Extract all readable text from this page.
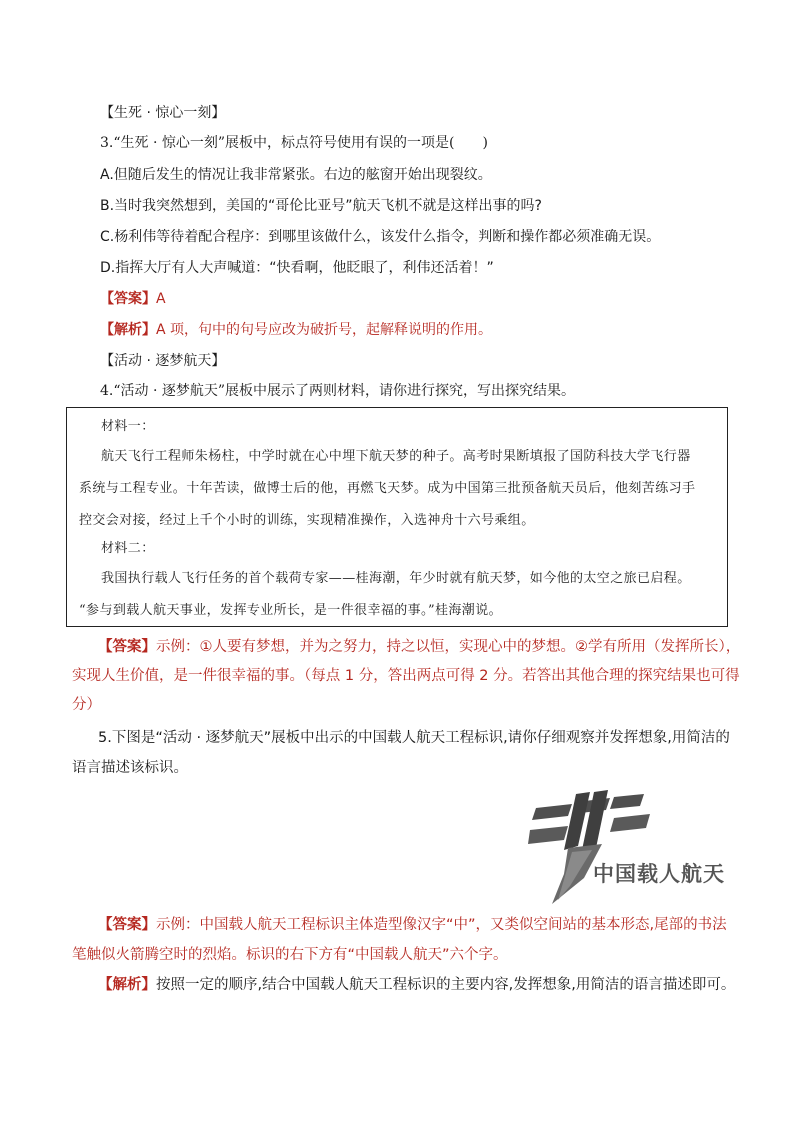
【生死 · 惊心一刻】
3.“生死 · 惊心一刻”展板中，标点符号使用有误的一项是(　　)
A.但随后发生的情况让我非常紧张。右边的舷窗开始出现裂纹。
B.当时我突然想到，美国的“哥伦比亚号”航天飞机不就是这样出事的吗?
C.杨利伟等待着配合程序：到哪里该做什么，该发什么指令，判断和操作都必须准确无误。
D.指挥大厅有人大声喊道：“快看啊，他眨眼了，利伟还活着！”
【答案】A
【解析】A 项，句中的句号应改为破折号，起解释说明的作用。
【活动 · 逐梦航天】
4.“活动 · 逐梦航天”展板中展示了两则材料，请你进行探究，写出探究结果。
材料一：
航天飞行工程师朱杨柱，中学时就在心中埋下航天梦的种子。高考时果断填报了国防科技大学飞行器
系统与工程专业。十年苦读，做博士后的他，再燃飞天梦。成为中国第三批预备航天员后，他刻苦练习手
控交会对接，经过上千个小时的训练，实现精准操作，入选神舟十六号乘组。
材料二：
我国执行载人飞行任务的首个载荷专家——桂海潮，年少时就有航天梦，如今他的太空之旅已启程。
“参与到载人航天事业，发挥专业所长，是一件很幸福的事。”桂海潮说。
【答案】示例：①人要有梦想，并为之努力，持之以恒，实现心中的梦想。②学有所用（发挥所长），
实现人生价值，是一件很幸福的事。（每点 1 分，答出两点可得 2 分。若答出其他合理的探究结果也可得
分）
5.下图是“活动 · 逐梦航天”展板中出示的中国载人航天工程标识,请你仔细观察并发挥想象,用简洁的
语言描述该标识。
中国载人航天
【答案】示例：中国载人航天工程标识主体造型像汉字“中”，又类似空间站的基本形态,尾部的书法
笔触似火箭腾空时的烈焰。标识的右下方有“中国载人航天”六个字。
【解析】按照一定的顺序,结合中国载人航天工程标识的主要内容,发挥想象,用简洁的语言描述即可。
